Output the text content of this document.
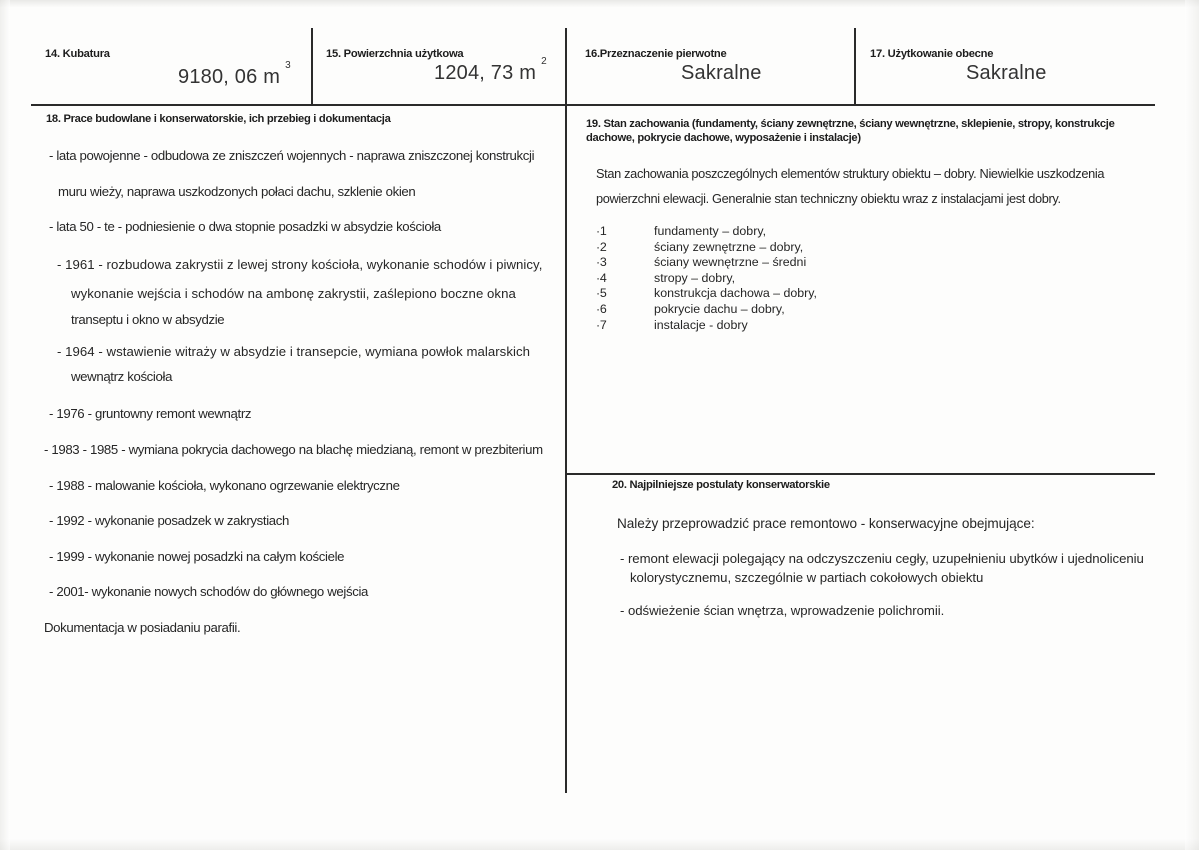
14. Kubatura
9180, 06 $m^3$
15. Powierzchnia użytkowa
1204, 73 $m^2$
16.Przeznaczenie pierwotne
Sakralne
17. Użytkowanie obecne
Sakralne
18. Prace budowlane i konserwatorskie, ich przebieg i dokumentacja
- lata powojenne - odbudowa ze zniszczeń wojennych - naprawa zniszczonej konstrukcji
muru wieży, naprawa uszkodzonych połaci dachu, szklenie okien
- lata 50 - te - podniesienie o dwa stopnie posadzki w absydzie kościoła
- 1961 - rozbudowa zakrystii z lewej strony kościoła, wykonanie schodów i piwnicy,
wykonanie wejścia i schodów na ambonę zakrystii, zaślepiono boczne okna
transeptu i okno w absydzie
- 1964 - wstawienie witraży w absydzie i transepcie, wymiana powłok malarskich
wewnątrz kościoła
- 1976 - gruntowny remont wewnątrz
- 1983 - 1985 - wymiana pokrycia dachowego na blachę miedzianą, remont w prezbiterium
- 1988 - malowanie kościoła, wykonano ogrzewanie elektryczne
- 1992 - wykonanie posadzek w zakrystiach
- 1999 - wykonanie nowej posadzki na całym kościele
- 2001- wykonanie nowych schodów do głównego wejścia
Dokumentacja w posiadaniu parafii.
19. Stan zachowania (fundamenty, ściany zewnętrzne, ściany wewnętrzne, sklepienie, stropy, konstrukcje dachowe, pokrycie dachowe, wyposażenie i instalacje)
Stan zachowania poszczególnych elementów struktury obiektu – dobry. Niewielkie uszkodzenia
powierzchni elewacji. Generalnie stan techniczny obiektu wraz z instalacjami jest dobry.
·1	fundamenty – dobry,
·2	ściany zewnętrzne – dobry,
·3	ściany wewnętrzne – średni
·4	stropy – dobry,
·5	konstrukcja dachowa – dobry,
·6	pokrycie dachu – dobry,
·7	instalacje - dobry
20. Najpilniejsze postulaty konserwatorskie
Należy przeprowadzić prace remontowo - konserwacyjne obejmujące:
- remont elewacji polegający na odczyszczeniu cegły, uzupełnieniu ubytków i ujednoliceniu
kolorystycznemu, szczególnie w partiach cokołowych obiektu
- odświeżenie ścian wnętrza, wprowadzenie polichromii.
